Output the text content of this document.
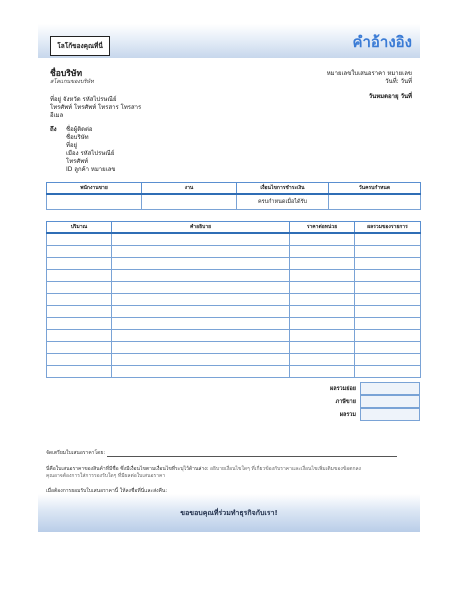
โลโก้ของคุณที่นี่	คำอ้างอิง
ชื่อบริษัท
สโลแกนของบริษัท
หมายเลขใบเสนอราคา หมายเลข
วันที่: วันที่
วันหมดอายุ วันที่
ที่อยู่ จังหวัด รหัสไปรษณีย์
โทรศัพท์ โทรศัพท์ โทรสาร โทรสาร
อีเมล
ถึง ชื่อผู้ติดต่อ
ชื่อบริษัท
ที่อยู่
เมือง รหัสไปรษณีย์
โทรศัพท์
ID ลูกค้า หมายเลข
พนักงานขาย	งาน	เงื่อนไขการชำระเงิน	วันครบกำหนด
		ครบกำหนดเมื่อได้รับ	
ปริมาณ	คำอธิบาย	ราคาต่อหน่วย	ผลรวมของรายการ

ผลรวมย่อย
ภาษีขาย
ผลรวม
จัดเตรียมใบเสนอราคาโดย:
นี่คือใบเสนอราคาของสินค้าที่มีชื่อ ซึ่งมีเงื่อนไขตามเงื่อนไขที่ระบุไว้ด้านล่าง: อธิบายเงื่อนไขใดๆ ที่เกี่ยวข้องกับราคาและเงื่อนไขเพิ่มเติมของข้อตกลง
คุณอาจต้องการใส่การรองรับใดๆ ที่มีผลต่อใบเสนอราคา
เมื่อต้องการยอมรับใบเสนอราคานี้ ให้ลงชื่อที่นี่และส่งคืน:
ขอขอบคุณที่ร่วมทำธุรกิจกับเรา!
